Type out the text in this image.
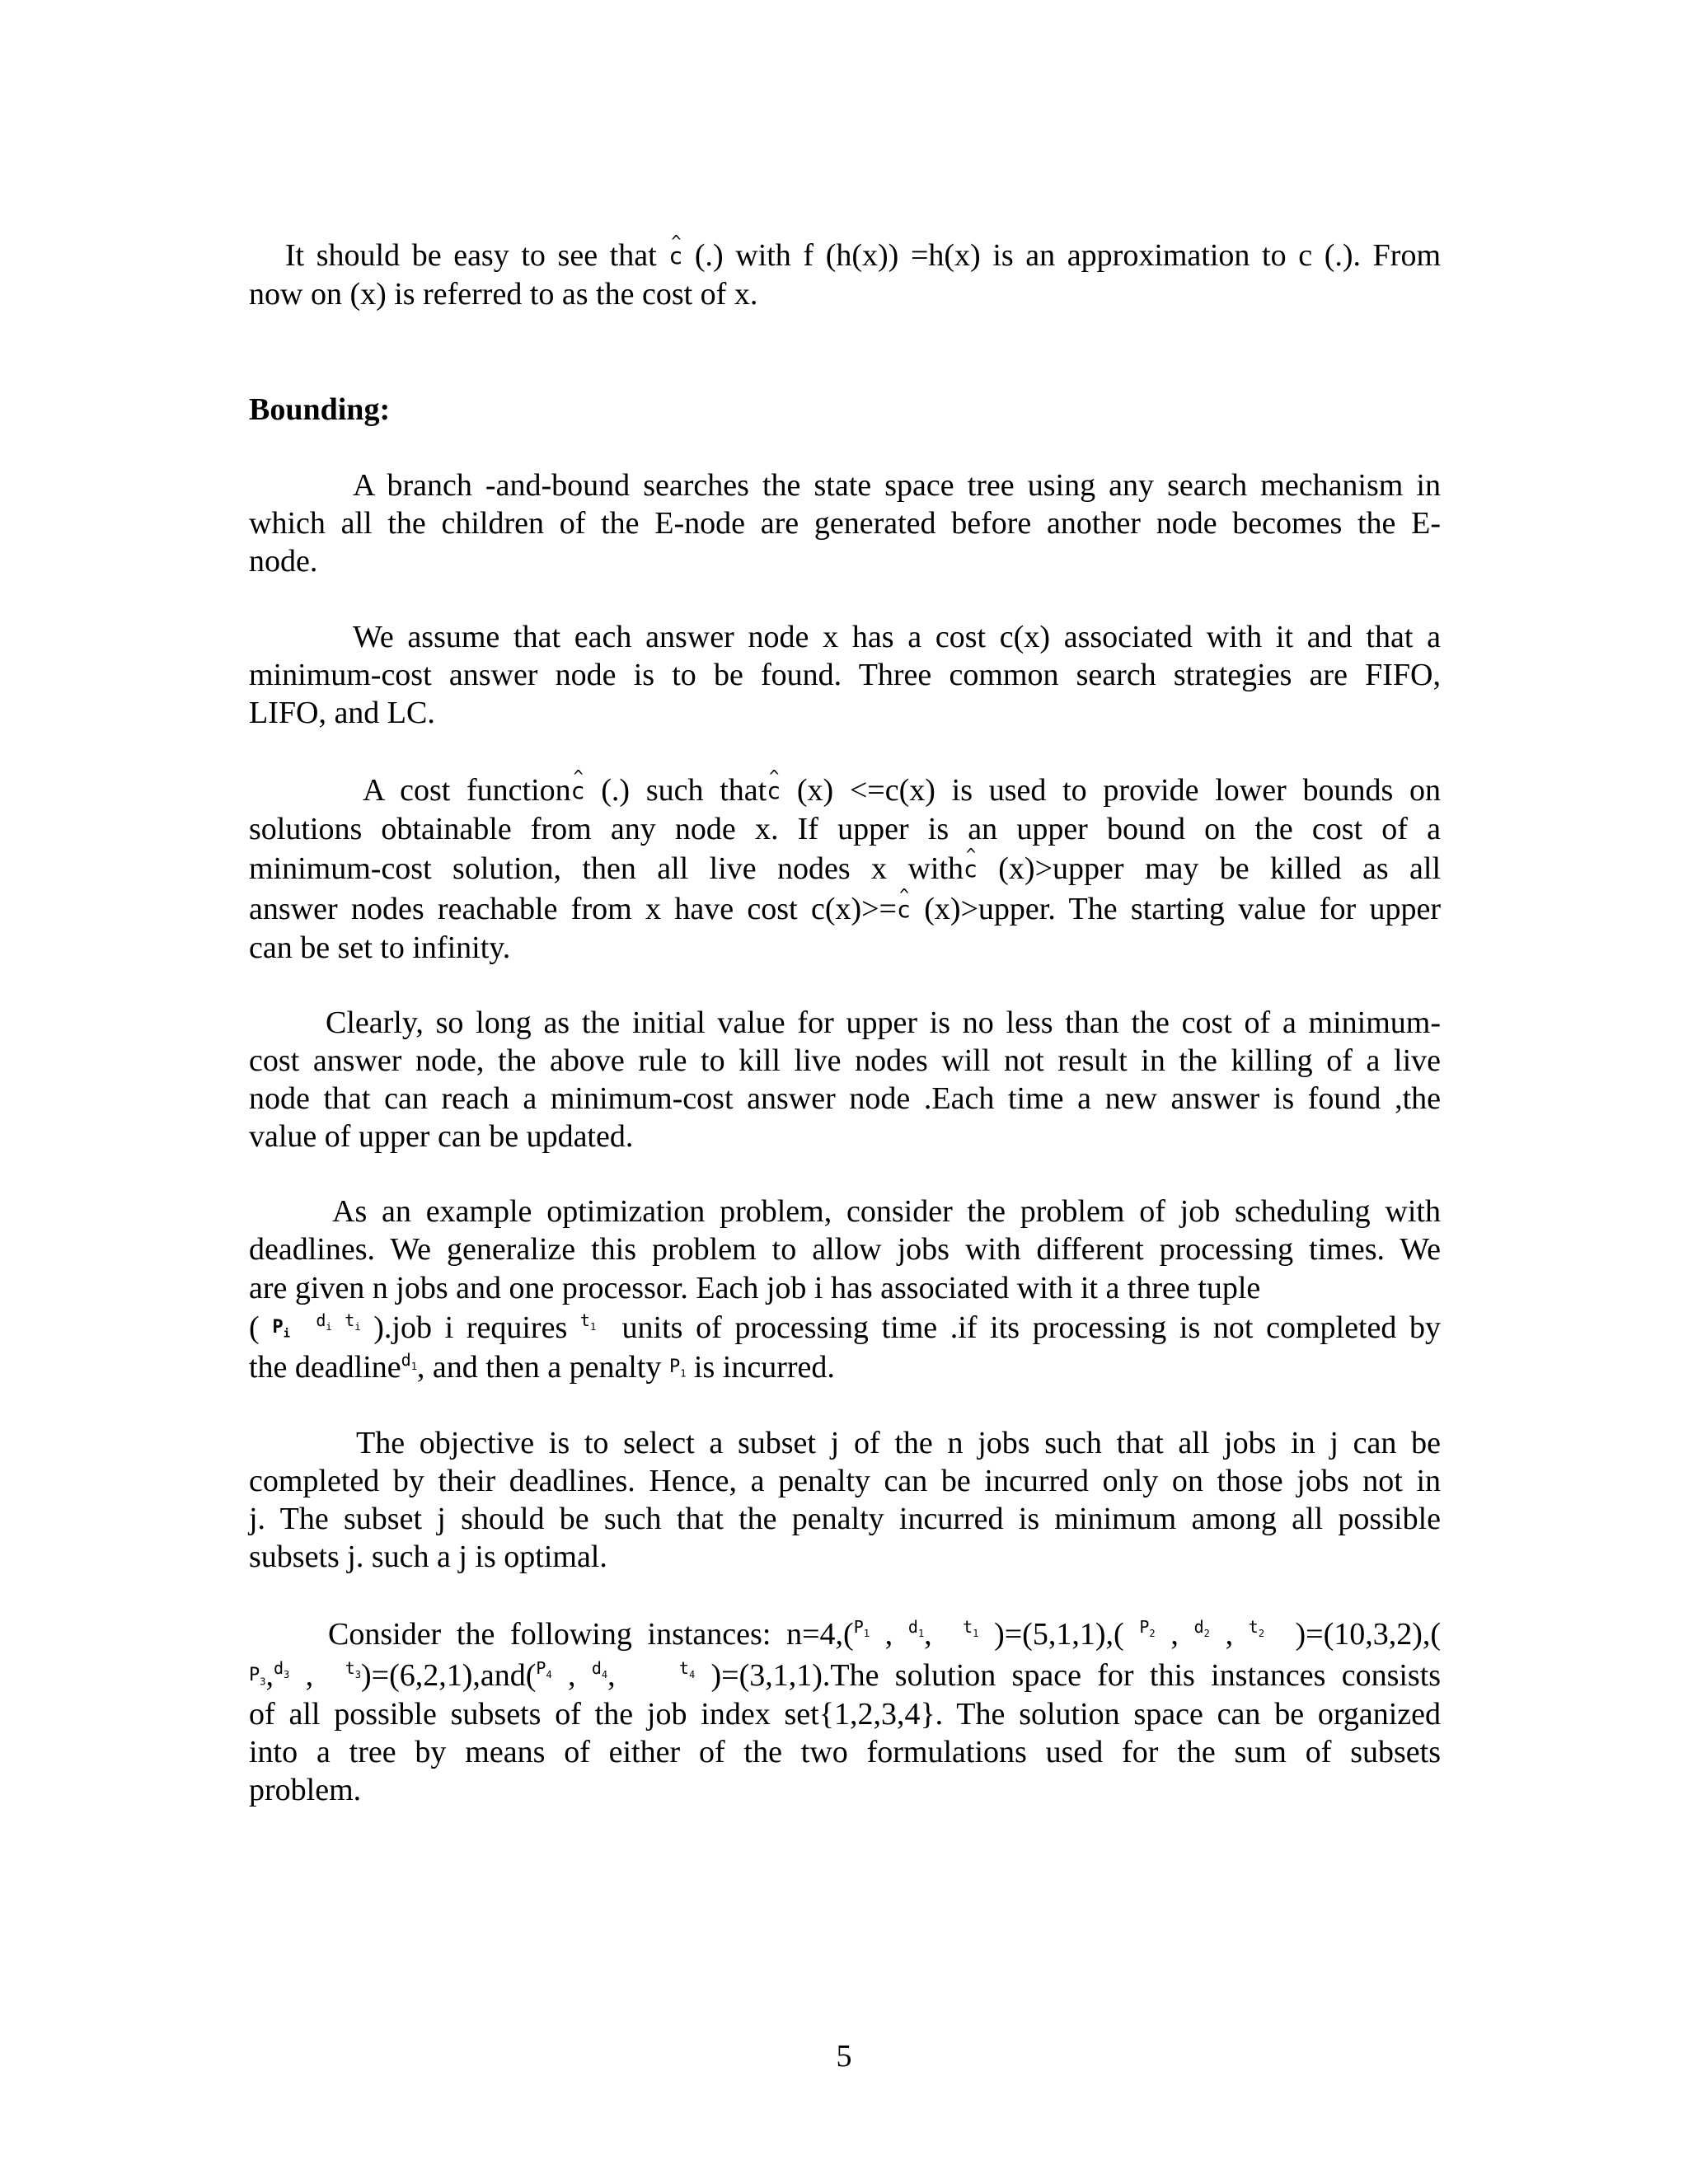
It should be easy to see that ^ c (.) with f (h(x)) =h(x) is an approximation to c (.). From
now on (x) is referred to as the cost of x.
Bounding:
A branch -and-bound searches the state space tree using any search mechanism in
which all the children of the E-node are generated before another node becomes the E-
node.
We assume that each answer node x has a cost c(x) associated with it and that a
minimum-cost answer node is to be found. Three common search strategies are FIFO,
LIFO, and LC.
A cost function^ c (.) such that^ c (x) <=c(x) is used to provide lower bounds on
solutions obtainable from any node x. If upper is an upper bound on the cost of a
minimum-cost solution, then all live nodes x with^ c (x)>upper may be killed as all
answer nodes reachable from x have cost c(x)>=^ c (x)>upper. The starting value for upper
can be set to infinity.
Clearly, so long as the initial value for upper is no less than the cost of a minimum-
cost answer node, the above rule to kill live nodes will not result in the killing of a live
node that can reach a minimum-cost answer node .Each time a new answer is found ,the
value of upper can be updated.
As an example optimization problem, consider the problem of job scheduling with
deadlines. We generalize this problem to allow jobs with different processing times. We
are given n jobs and one processor. Each job i has associated with it a three tuple
( $P_i$  $d_i$ $t_i$ ).job i requires $t_1$ units of processing time .if its processing is not completed by
the deadlined$_1$, and then a penalty $P_1$ is incurred.
The objective is to select a subset j of the n jobs such that all jobs in j can be
completed by their deadlines. Hence, a penalty can be incurred only on those jobs not in
j. The subset j should be such that the penalty incurred is minimum among all possible
subsets j. such a j is optimal.
Consider the following instances: $n=4,(P_1$ , $d_1$,  $t_1$ )=(5,1,1),( $P_2$ , $d_2$ , $t_2$ )=(10,3,2),(
$P_3,d_3$ ,  $t_3)=(6,2,1),and(P_4$ , $d_4$,    $t_4$ )=(3,1,1).The solution space for this instances consists
of all possible subsets of the job index set{1,2,3,4}. The solution space can be organized
into a tree by means of either of the two formulations used for the sum of subsets
problem.
5
